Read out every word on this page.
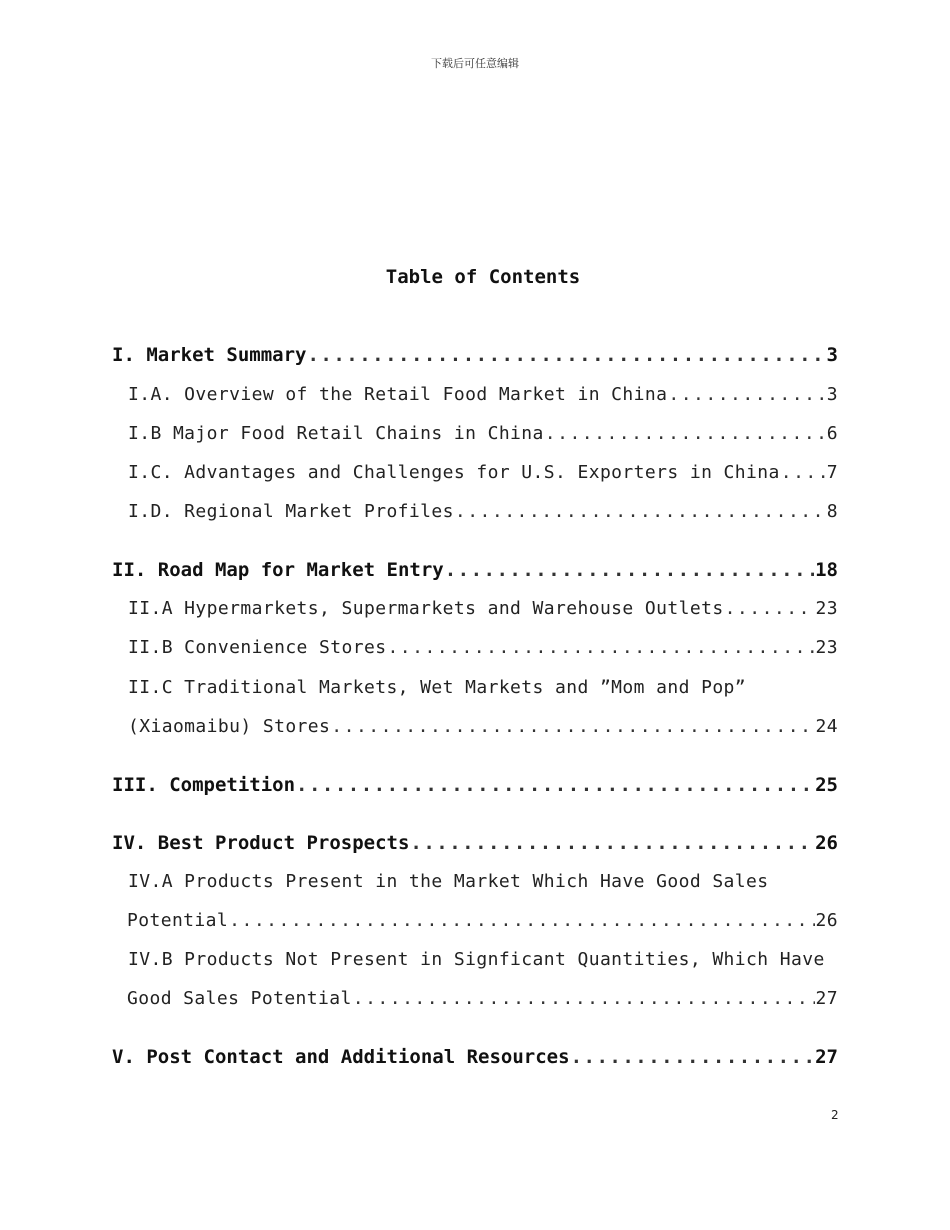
下载后可任意编辑
Table of Contents
I. Market Summary .....	3
I.A. Overview of the Retail Food Market in China .....	3
I.B Major Food Retail Chains in China .....	6
I.C. Advantages and Challenges for U.S. Exporters in China .....	7
I.D. Regional Market Profiles .....	8
II. Road Map for Market Entry .....	18
II.A Hypermarkets, Supermarkets and Warehouse Outlets .....	23
II.B Convenience Stores .....	23
II.C Traditional Markets, Wet Markets and ”Mom and Pop”
(Xiaomaibu) Stores .....	24
III. Competition .....	25
IV. Best Product Prospects .....	26
IV.A Products Present in the Market Which Have Good Sales
Potential .....	26
IV.B Products Not Present in Signficant Quantities, Which Have
Good Sales Potential .....	27
V. Post Contact and Additional Resources .....	27
2
